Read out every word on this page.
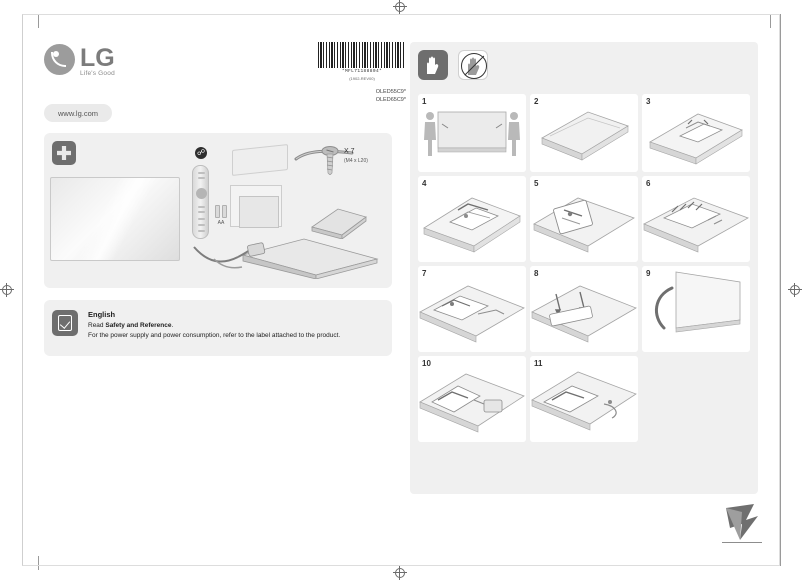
LG
Life's Good
www.lg.com
*MFL71188804*
(1902-REV00)
OLED55C9*
OLED65C9*
☍
AA
X 7
(M4 x L20)
English
Read Safety and Reference.
For the power supply and power consumption, refer to the label attached to the product.
1	2	3
4	5	6
7	8	9
10	11
